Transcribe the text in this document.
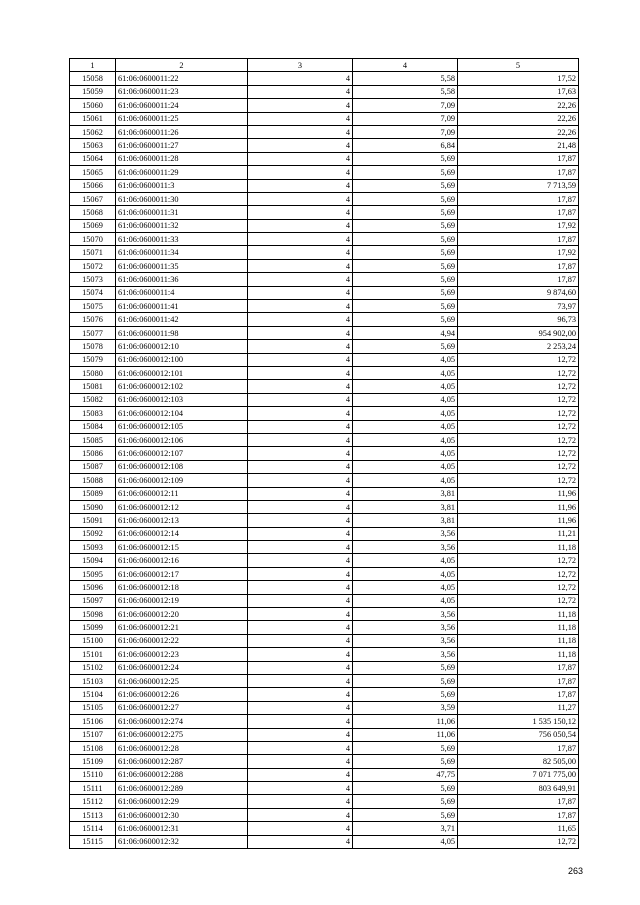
1	2	3	4	5
15058	61:06:0600011:22	4	5,58	17,52
15059	61:06:0600011:23	4	5,58	17,63
15060	61:06:0600011:24	4	7,09	22,26
15061	61:06:0600011:25	4	7,09	22,26
15062	61:06:0600011:26	4	7,09	22,26
15063	61:06:0600011:27	4	6,84	21,48
15064	61:06:0600011:28	4	5,69	17,87
15065	61:06:0600011:29	4	5,69	17,87
15066	61:06:0600011:3	4	5,69	7 713,59
15067	61:06:0600011:30	4	5,69	17,87
15068	61:06:0600011:31	4	5,69	17,87
15069	61:06:0600011:32	4	5,69	17,92
15070	61:06:0600011:33	4	5,69	17,87
15071	61:06:0600011:34	4	5,69	17,92
15072	61:06:0600011:35	4	5,69	17,87
15073	61:06:0600011:36	4	5,69	17,87
15074	61:06:0600011:4	4	5,69	9 874,60
15075	61:06:0600011:41	4	5,69	73,97
15076	61:06:0600011:42	4	5,69	96,73
15077	61:06:0600011:98	4	4,94	954 902,00
15078	61:06:0600012:10	4	5,69	2 253,24
15079	61:06:0600012:100	4	4,05	12,72
15080	61:06:0600012:101	4	4,05	12,72
15081	61:06:0600012:102	4	4,05	12,72
15082	61:06:0600012:103	4	4,05	12,72
15083	61:06:0600012:104	4	4,05	12,72
15084	61:06:0600012:105	4	4,05	12,72
15085	61:06:0600012:106	4	4,05	12,72
15086	61:06:0600012:107	4	4,05	12,72
15087	61:06:0600012:108	4	4,05	12,72
15088	61:06:0600012:109	4	4,05	12,72
15089	61:06:0600012:11	4	3,81	11,96
15090	61:06:0600012:12	4	3,81	11,96
15091	61:06:0600012:13	4	3,81	11,96
15092	61:06:0600012:14	4	3,56	11,21
15093	61:06:0600012:15	4	3,56	11,18
15094	61:06:0600012:16	4	4,05	12,72
15095	61:06:0600012:17	4	4,05	12,72
15096	61:06:0600012:18	4	4,05	12,72
15097	61:06:0600012:19	4	4,05	12,72
15098	61:06:0600012:20	4	3,56	11,18
15099	61:06:0600012:21	4	3,56	11,18
15100	61:06:0600012:22	4	3,56	11,18
15101	61:06:0600012:23	4	3,56	11,18
15102	61:06:0600012:24	4	5,69	17,87
15103	61:06:0600012:25	4	5,69	17,87
15104	61:06:0600012:26	4	5,69	17,87
15105	61:06:0600012:27	4	3,59	11,27
15106	61:06:0600012:274	4	11,06	1 535 150,12
15107	61:06:0600012:275	4	11,06	756 050,54
15108	61:06:0600012:28	4	5,69	17,87
15109	61:06:0600012:287	4	5,69	82 505,00
15110	61:06:0600012:288	4	47,75	7 071 775,00
15111	61:06:0600012:289	4	5,69	803 649,91
15112	61:06:0600012:29	4	5,69	17,87
15113	61:06:0600012:30	4	5,69	17,87
15114	61:06:0600012:31	4	3,71	11,65
15115	61:06:0600012:32	4	4,05	12,72
263
